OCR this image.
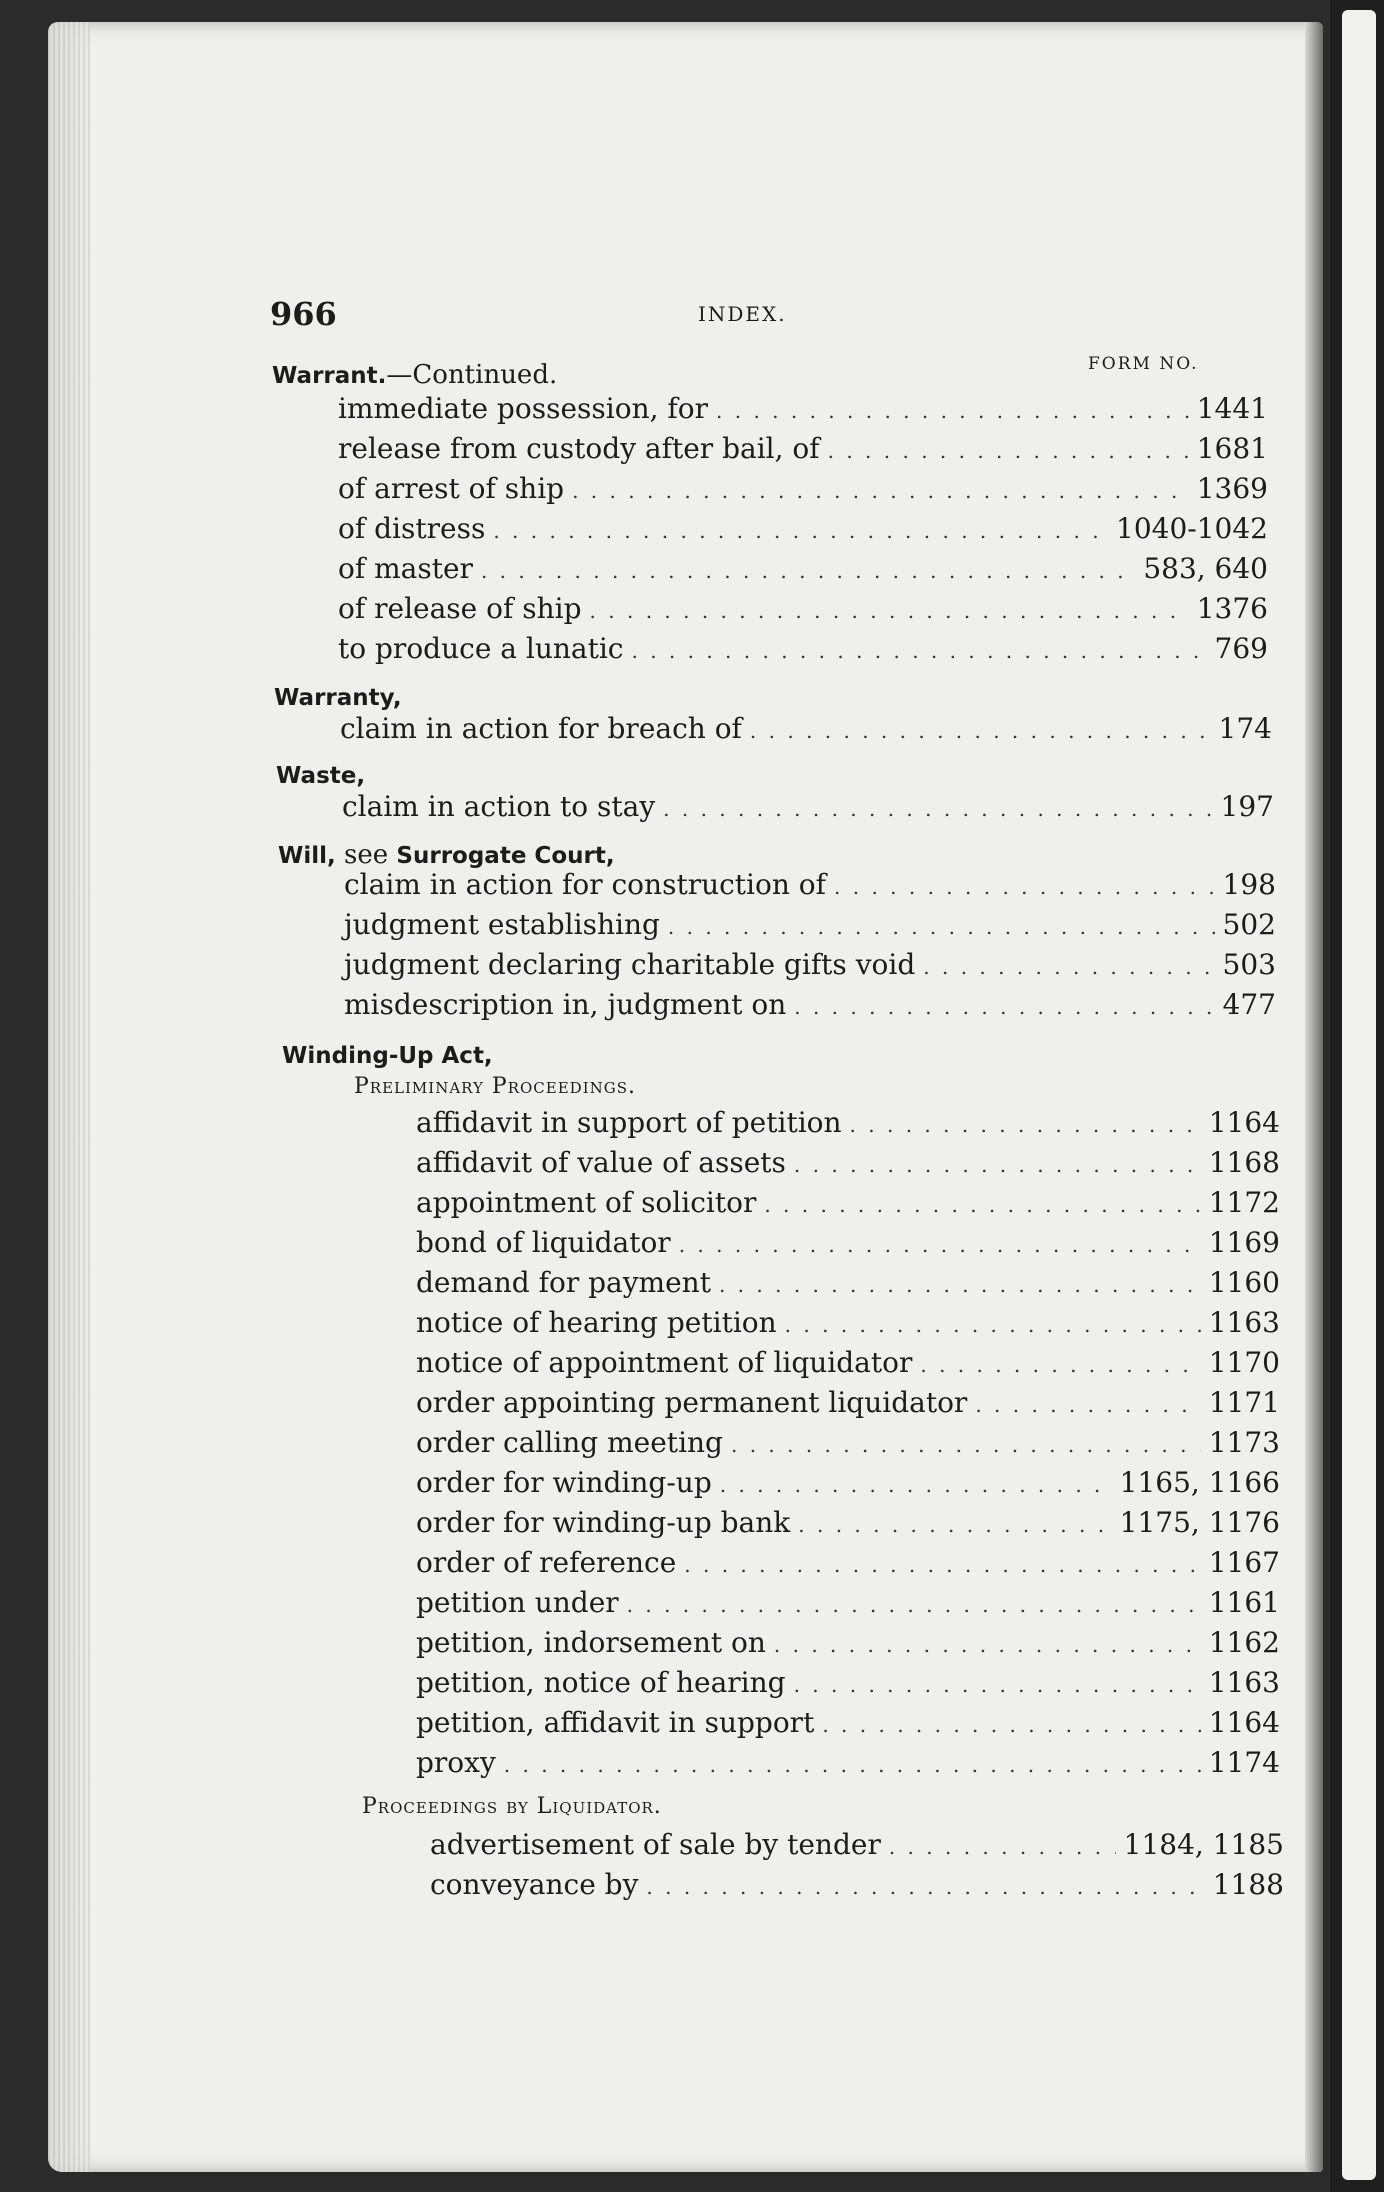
966	INDEX.
FORM NO.
Warrant.—Continued.
immediate possession, for . . .	1441
release from custody after bail, of . . .	1681
of arrest of ship . . .	1369
of distress . . .	1040-1042
of master . . .	583, 640
of release of ship . . .	1376
to produce a lunatic . . .	769
Warranty,
claim in action for breach of . . .	174
Waste,
claim in action to stay . . .	197
Will, see Surrogate Court,
claim in action for construction of . . .	198
judgment establishing . . .	502
judgment declaring charitable gifts void . . .	503
misdescription in, judgment on . . .	477
Winding-Up Act,
Preliminary Proceedings.
affidavit in support of petition . . .	1164
affidavit of value of assets . . .	1168
appointment of solicitor . . .	1172
bond of liquidator . . .	1169
demand for payment . . .	1160
notice of hearing petition . . .	1163
notice of appointment of liquidator . . .	1170
order appointing permanent liquidator . . .	1171
order calling meeting . . .	1173
order for winding-up . . .	1165, 1166
order for winding-up bank . . .	1175, 1176
order of reference . . .	1167
petition under . . .	1161
petition, indorsement on . . .	1162
petition, notice of hearing . . .	1163
petition, affidavit in support . . .	1164
proxy . . .	1174
Proceedings by Liquidator.
advertisement of sale by tender . . .	1184, 1185
conveyance by . . .	1188
